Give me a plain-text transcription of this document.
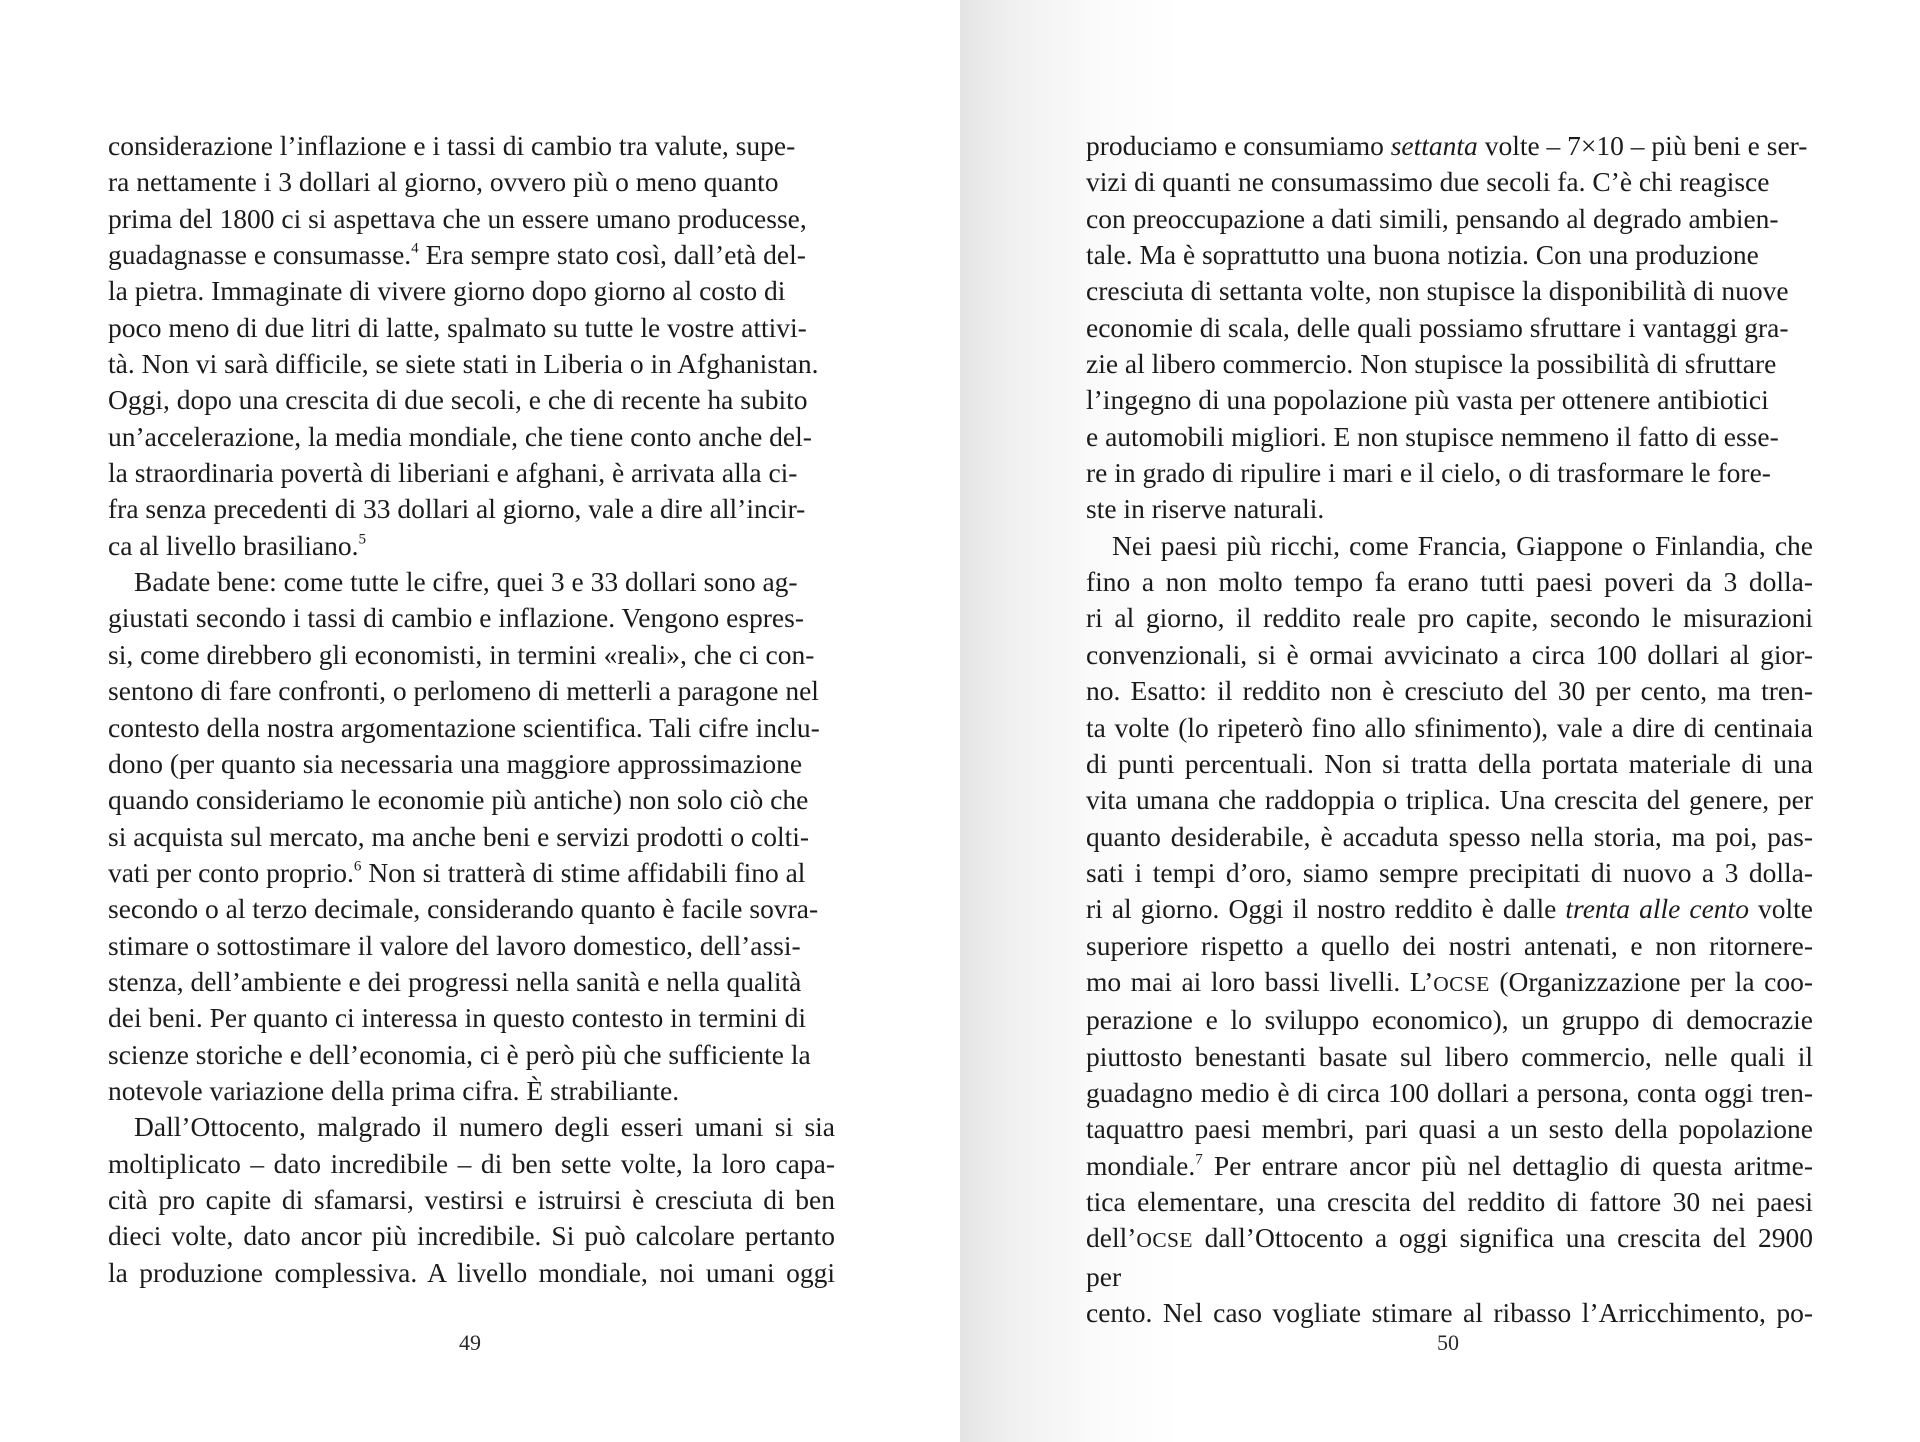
considerazione l’inflazione e i tassi di cambio tra valute, supe-
ra nettamente i 3 dollari al giorno, ovvero più o meno quanto
prima del 1800 ci si aspettava che un essere umano producesse,
guadagnasse e consumasse.$^4$ Era sempre stato così, dall’età del-
la pietra. Immaginate di vivere giorno dopo giorno al costo di
poco meno di due litri di latte, spalmato su tutte le vostre attivi-
tà. Non vi sarà difficile, se siete stati in Liberia o in Afghanistan.
Oggi, dopo una crescita di due secoli, e che di recente ha subito
un’accelerazione, la media mondiale, che tiene conto anche del-
la straordinaria povertà di liberiani e afghani, è arrivata alla ci-
fra senza precedenti di 33 dollari al giorno, vale a dire all’incir-
ca al livello brasiliano.$^5$

Badate bene: come tutte le cifre, quei 3 e 33 dollari sono ag-
giustati secondo i tassi di cambio e inflazione. Vengono espres-
si, come direbbero gli economisti, in termini «reali», che ci con-
sentono di fare confronti, o perlomeno di metterli a paragone nel
contesto della nostra argomentazione scientifica. Tali cifre inclu-
dono (per quanto sia necessaria una maggiore approssimazione
quando consideriamo le economie più antiche) non solo ciò che
si acquista sul mercato, ma anche beni e servizi prodotti o colti-
vati per conto proprio.$^6$ Non si tratterà di stime affidabili fino al
secondo o al terzo decimale, considerando quanto è facile sovra-
stimare o sottostimare il valore del lavoro domestico, dell’assi-
stenza, dell’ambiente e dei progressi nella sanità e nella qualità
dei beni. Per quanto ci interessa in questo contesto in termini di
scienze storiche e dell’economia, ci è però più che sufficiente la
notevole variazione della prima cifra. È strabiliante.

Dall’Ottocento, malgrado il numero degli esseri umani si sia
moltiplicato – dato incredibile – di ben sette volte, la loro capa-
cità pro capite di sfamarsi, vestirsi e istruirsi è cresciuta di ben
dieci volte, dato ancor più incredibile. Si può calcolare pertanto
la produzione complessiva. A livello mondiale, noi umani oggi

49

produciamo e consumiamo settanta volte – 7×10 – più beni e ser-
vizi di quanti ne consumassimo due secoli fa. C’è chi reagisce
con preoccupazione a dati simili, pensando al degrado ambien-
tale. Ma è soprattutto una buona notizia. Con una produzione
cresciuta di settanta volte, non stupisce la disponibilità di nuove
economie di scala, delle quali possiamo sfruttare i vantaggi gra-
zie al libero commercio. Non stupisce la possibilità di sfruttare
l’ingegno di una popolazione più vasta per ottenere antibiotici
e automobili migliori. E non stupisce nemmeno il fatto di esse-
re in grado di ripulire i mari e il cielo, o di trasformare le fore-
ste in riserve naturali.

Nei paesi più ricchi, come Francia, Giappone o Finlandia, che
fino a non molto tempo fa erano tutti paesi poveri da 3 dolla-
ri al giorno, il reddito reale pro capite, secondo le misurazioni
convenzionali, si è ormai avvicinato a circa 100 dollari al gior-
no. Esatto: il reddito non è cresciuto del 30 per cento, ma tren-
ta volte (lo ripeterò fino allo sfinimento), vale a dire di centinaia
di punti percentuali. Non si tratta della portata materiale di una
vita umana che raddoppia o triplica. Una crescita del genere, per
quanto desiderabile, è accaduta spesso nella storia, ma poi, pas-
sati i tempi d’oro, siamo sempre precipitati di nuovo a 3 dolla-
ri al giorno. Oggi il nostro reddito è dalle trenta alle cento volte
superiore rispetto a quello dei nostri antenati, e non ritornere-
mo mai ai loro bassi livelli. L’OCSE (Organizzazione per la coo-
perazione e lo sviluppo economico), un gruppo di democrazie
piuttosto benestanti basate sul libero commercio, nelle quali il
guadagno medio è di circa 100 dollari a persona, conta oggi tren-
taquattro paesi membri, pari quasi a un sesto della popolazione
mondiale.$^7$ Per entrare ancor più nel dettaglio di questa aritme-
tica elementare, una crescita del reddito di fattore 30 nei paesi
dell’OCSE dall’Ottocento a oggi significa una crescita del 2900 per
cento. Nel caso vogliate stimare al ribasso l’Arricchimento, po-

50
